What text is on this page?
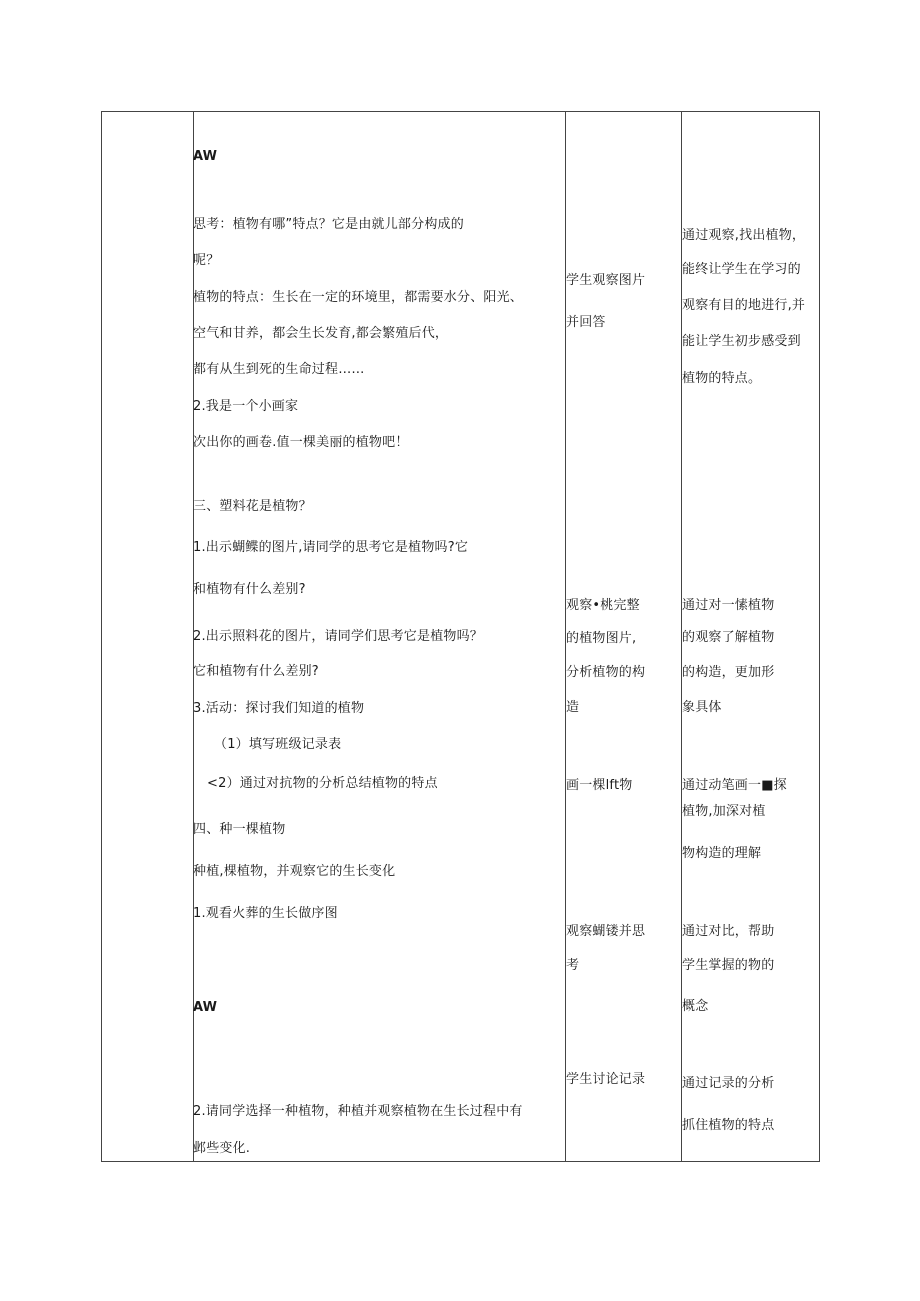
AW
思考：植物有哪”特点？它是由就儿部分构成的
呢？
植物的特点：生长在一定的环境里，都需要水分、阳光、
空气和甘养，都会生长发育,都会繁殖后代，
都有从生到死的生命过程……
2.我是一个小画家
次出你的画卷.值一棵美丽的植物吧！
三、塑料花是植物？
1.出示蝴鲽的图片,请同学的思考它是植物吗?它
和植物有什么差别?
2.出示照料花的图片，请同学们思考它是植物吗？
它和植物有什么差别?
3.活动：探讨我们知道的植物
（1）填写班级记录表
<2）通过对抗物的分析总结植物的特点
四、种一棵植物
种植,棵植物，并观察它的生长变化
1.观看火葬的生长做序图
AW
2.请同学选择一种植物，种植并观察植物在生长过程中有
邺些变化.
学生观察图片
并回答
观察•桃完整
的植物图片,
分析植物的构
造
画一棵lft物
观察蝴镂并思
考
学生讨论记录
通过观察,找出植物，
能终让学生在学习的
观察有目的地进行,并
能让学生初步感受到
植物的特点。
通过对一愫植物
的观察了解植物
的构造，更加形
象具体
通过动笔画一■探
植物,加深对植
物构造的理解
通过对比，帮助
学生掌握的物的
概念
通过记录的分析
抓住植物的特点
